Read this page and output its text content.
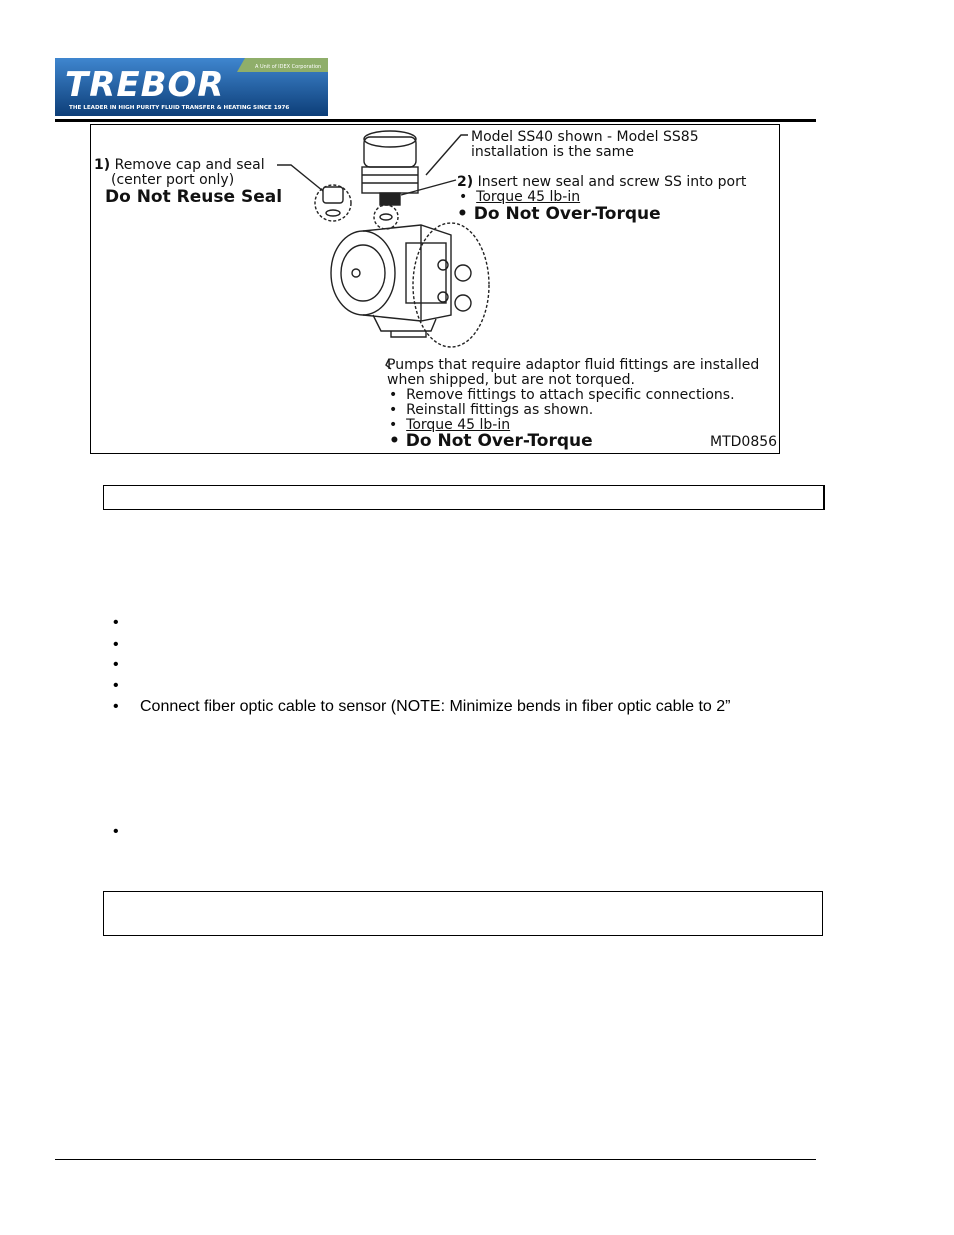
A Unit of IDEX Corporation
TREBOR
THE LEADER IN HIGH PURITY FLUID TRANSFER & HEATING SINCE 1976
1) Remove cap and seal
(center port only)
Do Not Reuse Seal
Model SS40 shown - Model SS85
installation is the same
2) Insert new seal and screw SS into port
• Torque 45 lb-in
• Do Not Over-Torque
Pumps that require adaptor fluid fittings are installed
when shipped, but are not torqued.
• Remove fittings to attach specific connections.
• Reinstall fittings as shown.
• Torque 45 lb-in
• Do Not Over-Torque	MTD0856
•
•
•
•
• Connect fiber optic cable to sensor (NOTE: Minimize bends in fiber optic cable to 2”
•
